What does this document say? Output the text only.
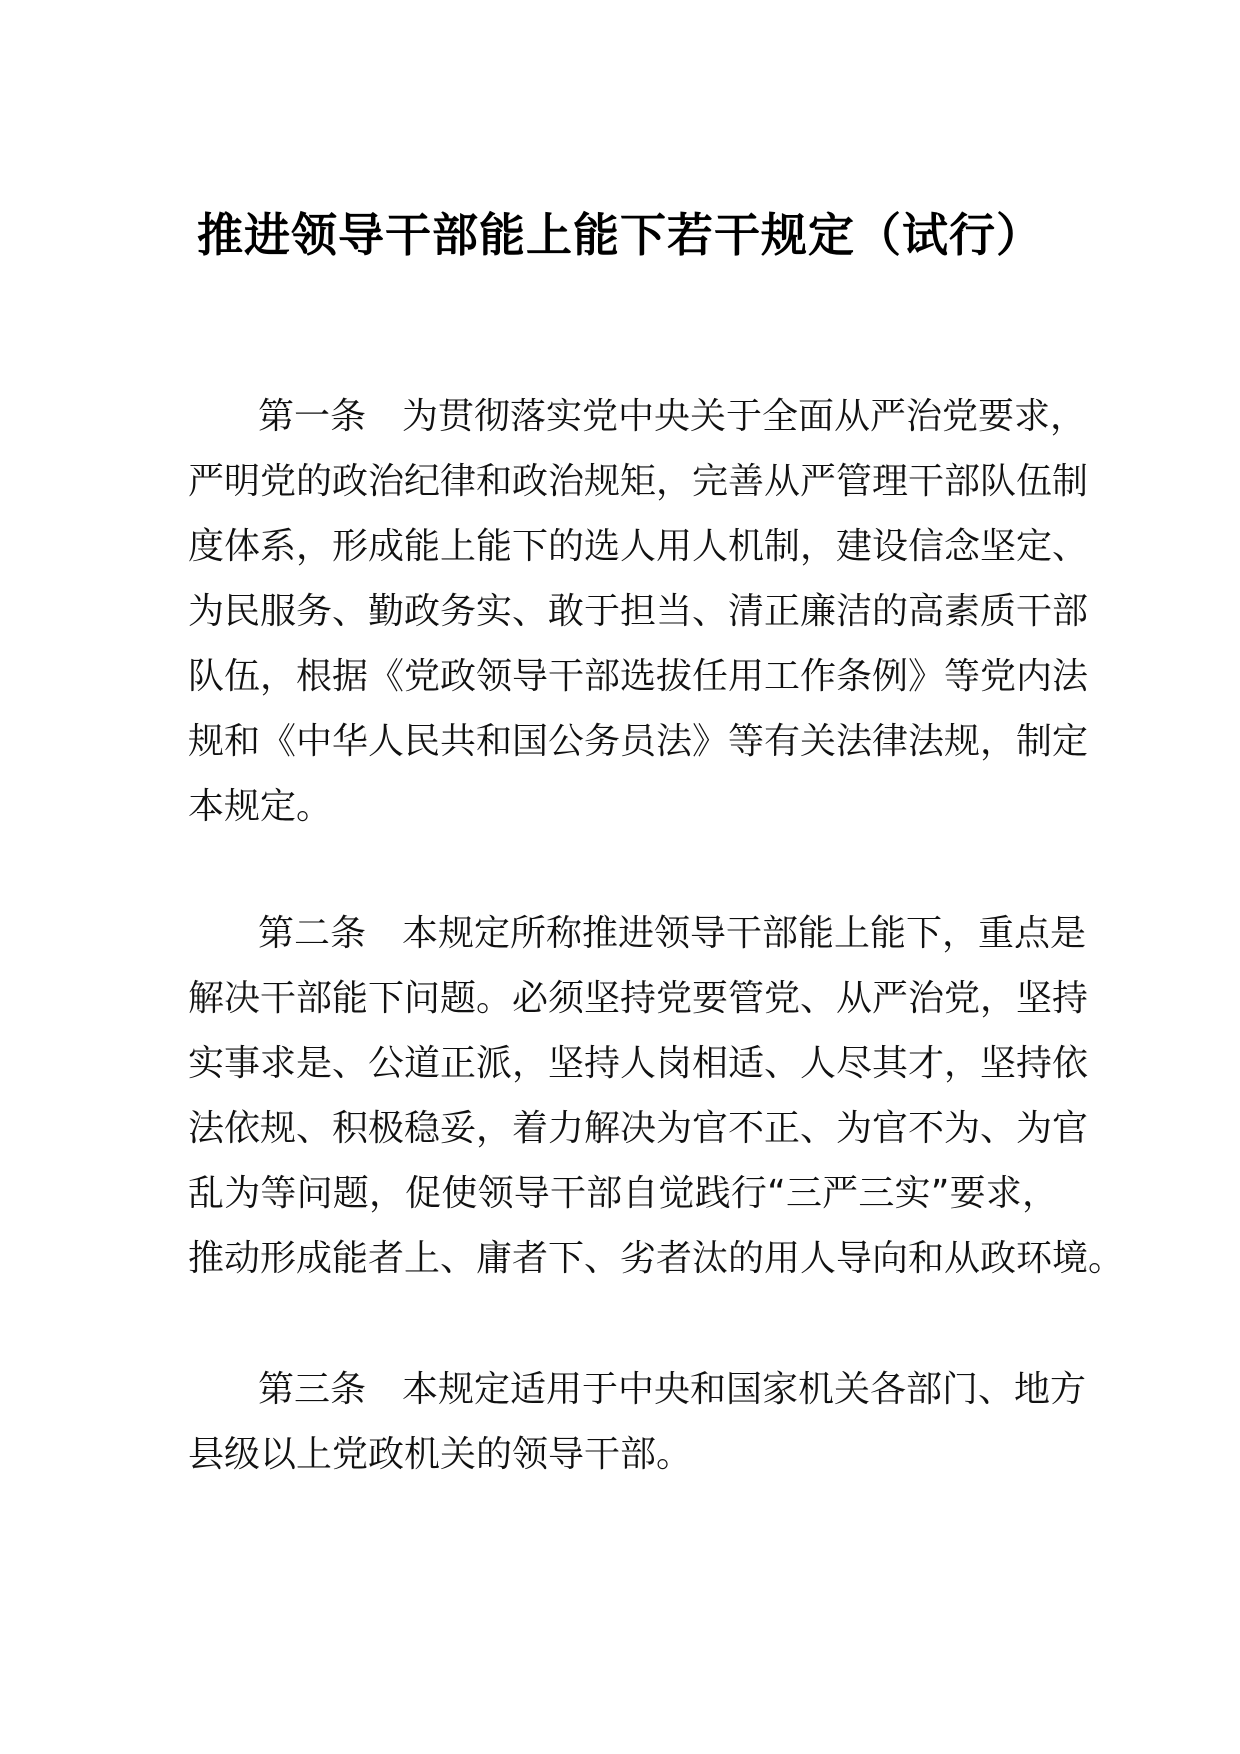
推进领导干部能上能下若干规定（试行）
第一条　为贯彻落实党中央关于全面从严治党要求，
严明党的政治纪律和政治规矩，完善从严管理干部队伍制
度体系，形成能上能下的选人用人机制，建设信念坚定、
为民服务、勤政务实、敢于担当、清正廉洁的高素质干部
队伍，根据《党政领导干部选拔任用工作条例》等党内法
规和《中华人民共和国公务员法》等有关法律法规，制定
本规定。
第二条　本规定所称推进领导干部能上能下，重点是
解决干部能下问题。必须坚持党要管党、从严治党，坚持
实事求是、公道正派，坚持人岗相适、人尽其才，坚持依
法依规、积极稳妥，着力解决为官不正、为官不为、为官
乱为等问题，促使领导干部自觉践行“三严三实”要求，
推动形成能者上、庸者下、劣者汰的用人导向和从政环境。
第三条　本规定适用于中央和国家机关各部门、地方
县级以上党政机关的领导干部。
